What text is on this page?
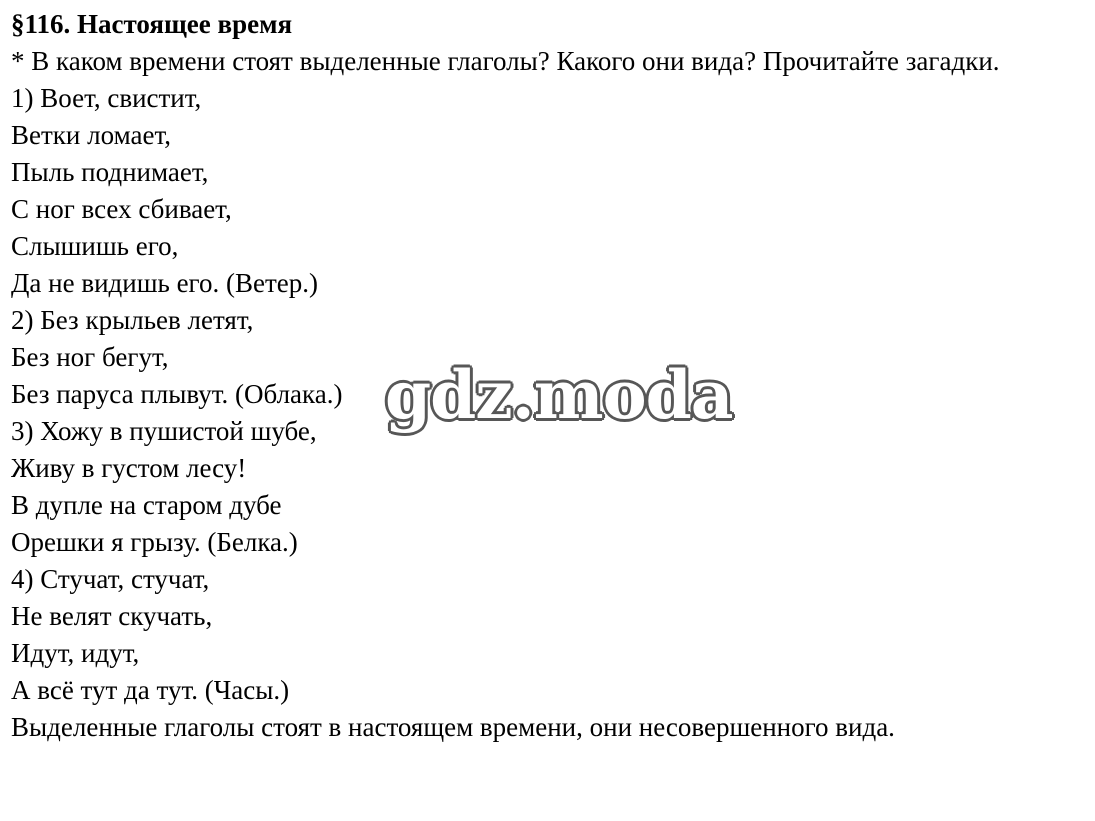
§116. Настоящее время

* В каком времени стоят выделенные глаголы? Какого они вида? Прочитайте загадки.

1) Воет, свистит,

Ветки ломает,

Пыль поднимает,

С ног всех сбивает,

Слышишь его,

Да не видишь его. (Ветер.)

2) Без крыльев летят,

Без ног бегут,

Без паруса плывут. (Облака.)

3) Хожу в пушистой шубе,

Живу в густом лесу!

В дупле на старом дубе

Орешки я грызу. (Белка.)

4) Стучат, стучат,

Не велят скучать,

Идут, идут,

А всё тут да тут. (Часы.)

Выделенные глаголы стоят в настоящем времени, они несовершенного вида.

gdz.moda
